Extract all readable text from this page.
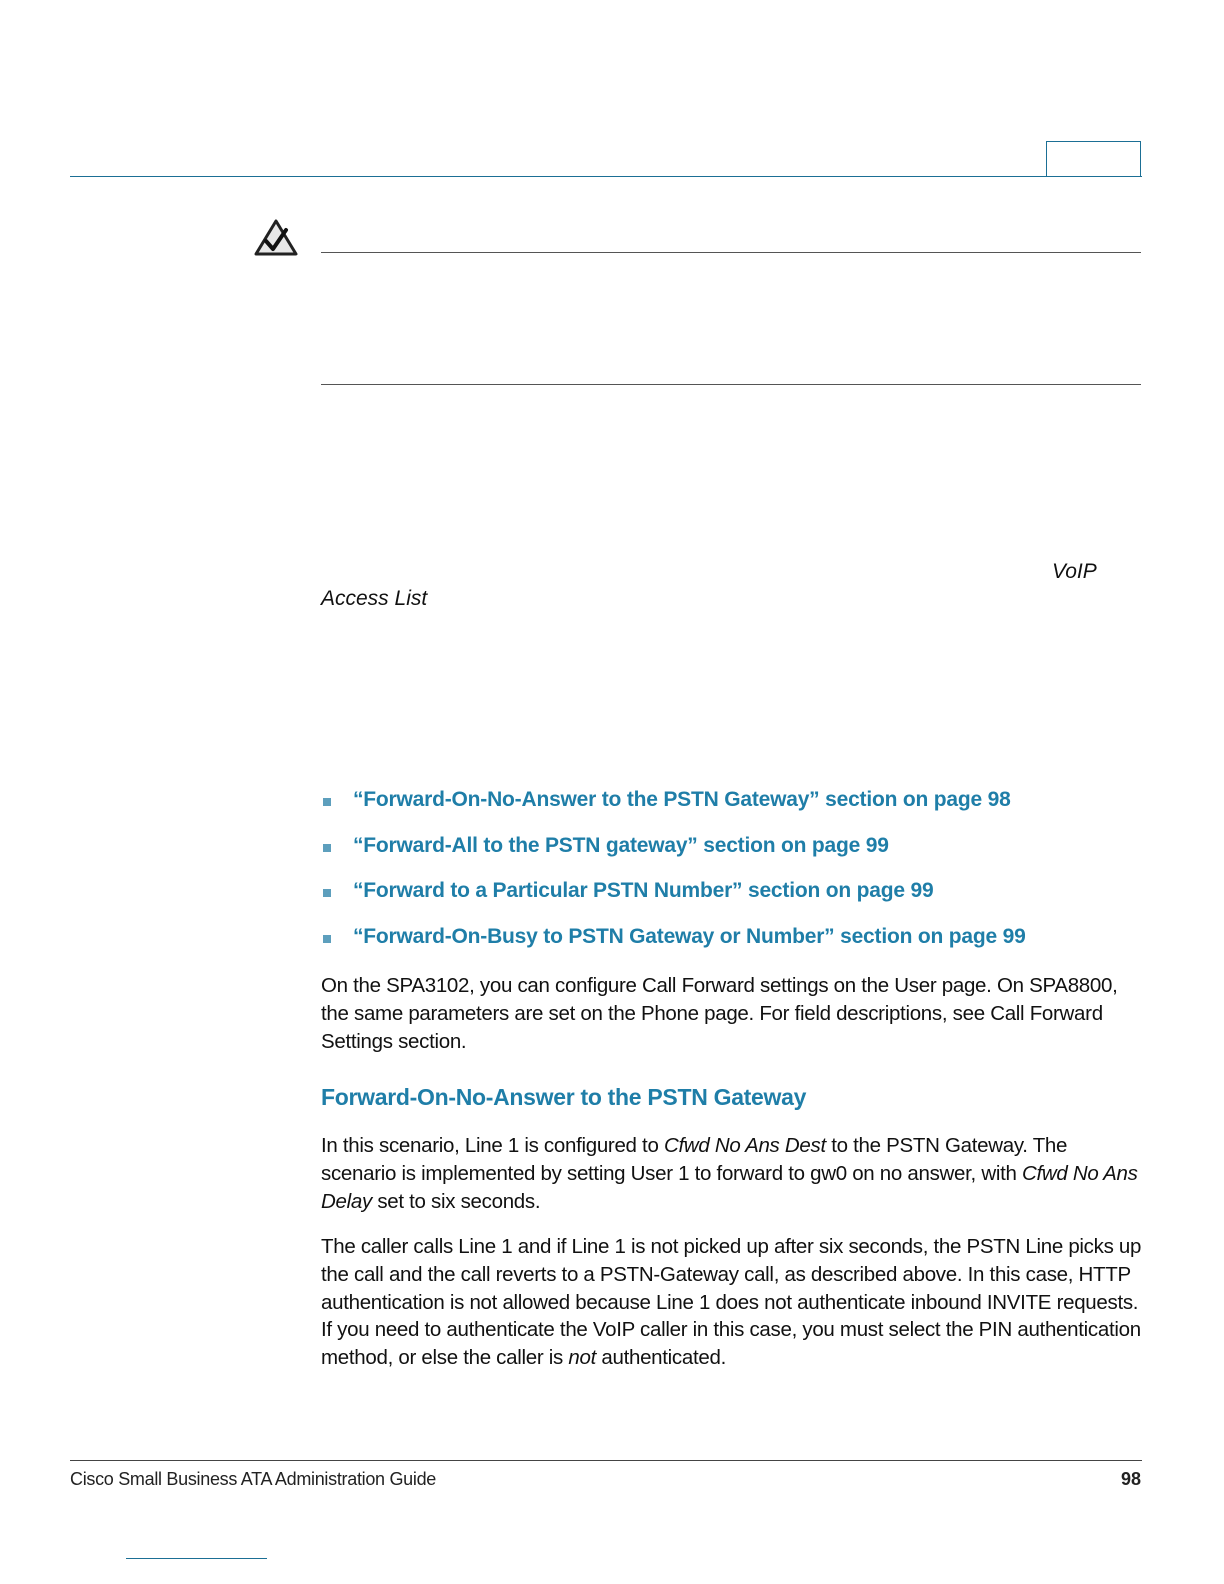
VoIP
Access List
“Forward-On-No-Answer to the PSTN Gateway” section on page 98
“Forward-All to the PSTN gateway” section on page 99
“Forward to a Particular PSTN Number” section on page 99
“Forward-On-Busy to PSTN Gateway or Number” section on page 99

On the SPA3102, you can configure Call Forward settings on the User page. On SPA8800, the same parameters are set on the Phone page. For field descriptions, see Call Forward Settings section.

Forward-On-No-Answer to the PSTN Gateway

In this scenario, Line 1 is configured to Cfwd No Ans Dest to the PSTN Gateway. The scenario is implemented by setting User 1 to forward to gw0 on no answer, with Cfwd No Ans Delay set to six seconds.

The caller calls Line 1 and if Line 1 is not picked up after six seconds, the PSTN Line picks up the call and the call reverts to a PSTN-Gateway call, as described above. In this case, HTTP authentication is not allowed because Line 1 does not authenticate inbound INVITE requests. If you need to authenticate the VoIP caller in this case, you must select the PIN authentication method, or else the caller is not authenticated.

Cisco Small Business ATA Administration Guide	98
